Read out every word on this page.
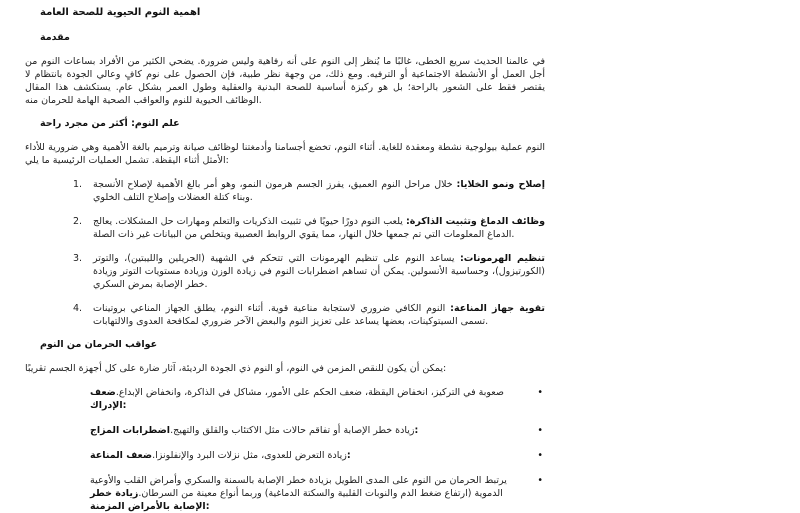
اهمية النوم الحيوية للصحة العامة
مقدمة

في عالمنا الحديث سريع الخطى، غالبًا ما يُنظر إلى النوم على أنه رفاهية وليس ضرورة. يضحي الكثير من الأفراد بساعات النوم من أجل العمل أو الأنشطة الاجتماعية أو الترفيه. ومع ذلك، من وجهة نظر طبية، فإن الحصول على نوم كافٍ وعالي الجودة بانتظام لا يقتصر فقط على الشعور بالراحة؛ بل هو ركيزة أساسية للصحة البدنية والعقلية وطول العمر بشكل عام. يستكشف هذا المقال الوظائف الحيوية للنوم والعواقب الصحية الهامة للحرمان منه.

علم النوم: أكثر من مجرد راحة

النوم عملية بيولوجية نشطة ومعقدة للغاية. أثناء النوم، تخضع أجسامنا وأدمغتنا لوظائف صيانة وترميم بالغة الأهمية وهي ضرورية للأداء الأمثل أثناء اليقظة. تشمل العمليات الرئيسية ما يلي:

1.	إصلاح ونمو الخلايا: خلال مراحل النوم العميق، يفرز الجسم هرمون النمو، وهو أمر بالغ الأهمية لإصلاح الأنسجة وبناء كتلة العضلات وإصلاح التلف الخلوي.
2.	وظائف الدماغ وتثبيت الذاكرة: يلعب النوم دورًا حيويًا في تثبيت الذكريات والتعلم ومهارات حل المشكلات. يعالج الدماغ المعلومات التي تم جمعها خلال النهار، مما يقوي الروابط العصبية ويتخلص من البيانات غير ذات الصلة.
3.	تنظيم الهرمونات: يساعد النوم على تنظيم الهرمونات التي تتحكم في الشهية (الجريلين والليبتين)، والتوتر (الكورتيزول)، وحساسية الأنسولين. يمكن أن تساهم اضطرابات النوم في زيادة الوزن وزيادة مستويات التوتر وزيادة خطر الإصابة بمرض السكري.
4.	تقوية جهاز المناعة: النوم الكافي ضروري لاستجابة مناعية قوية. أثناء النوم، يطلق الجهاز المناعي بروتينات تسمى السيتوكينات، بعضها يساعد على تعزيز النوم والبعض الآخر ضروري لمكافحة العدوى والالتهابات.
عواقب الحرمان من النوم

يمكن أن يكون للنقص المزمن في النوم، أو النوم ذي الجودة الرديئة، آثار ضارة على كل أجهزة الجسم تقريبًا:

•
صعوبة في التركيز، انخفاض اليقظة، ضعف الحكم على الأمور، مشاكل في الذاكرة، وانخفاض الإبداع.ضعف الإدراك:
•
زيادة خطر الإصابة أو تفاقم حالات مثل الاكتئاب والقلق والتهيج.اضطرابات المزاج:
•
زيادة التعرض للعدوى، مثل نزلات البرد والإنفلونزا.ضعف المناعة:
•
يرتبط الحرمان من النوم على المدى الطويل بزيادة خطر الإصابة بالسمنة والسكري وأمراض القلب والأوعية الدموية (ارتفاع ضغط الدم والنوبات القلبية والسكتة الدماغية) وربما أنواع معينة من السرطان.زيادة خطر الإصابة بالأمراض المزمنة:
